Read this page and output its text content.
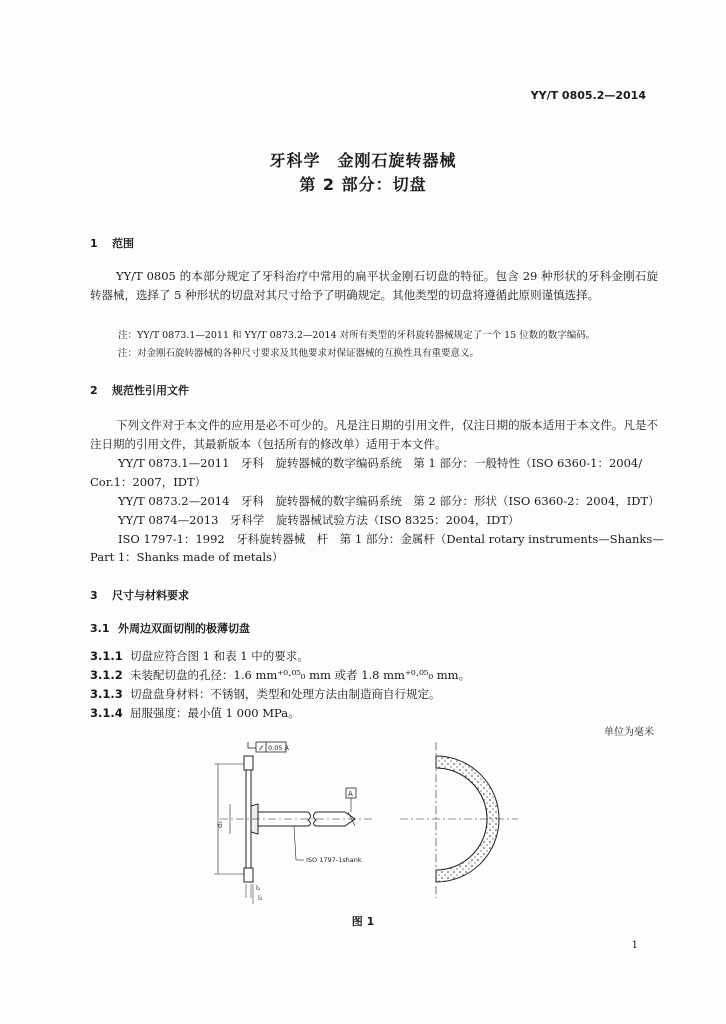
YY/T 0805.2—2014
牙科学　金刚石旋转器械
第 2 部分：切盘
1 范围
YY/T 0805 的本部分规定了牙科治疗中常用的扁平状金刚石切盘的特征。包含 29 种形状的牙科金刚石旋转器械，选择了 5 种形状的切盘对其尺寸给予了明确规定。其他类型的切盘将遵循此原则谨慎选择。
注：YY/T 0873.1—2011 和 YY/T 0873.2—2014 对所有类型的牙科旋转器械规定了一个 15 位数的数字编码。
注：对金刚石旋转器械的各种尺寸要求及其他要求对保证器械的互换性具有重要意义。
2 规范性引用文件
下列文件对于本文件的应用是必不可少的。凡是注日期的引用文件，仅注日期的版本适用于本文件。凡是不注日期的引用文件，其最新版本（包括所有的修改单）适用于本文件。
YY/T 0873.1—2011　牙科　旋转器械的数字编码系统　第 1 部分：一般特性（ISO 6360-1：2004/
Cor.1：2007，IDT）
YY/T 0873.2—2014　牙科　旋转器械的数字编码系统　第 2 部分：形状（ISO 6360-2：2004，IDT）
YY/T 0874—2013　牙科学　旋转器械试验方法（ISO 8325：2004，IDT）
ISO 1797-1：1992　牙科旋转器械　杆　第 1 部分：金属杆（Dental rotary instruments—Shanks—
Part 1：Shanks made of metals）
3 尺寸与材料要求
3.1 外周边双面切削的极薄切盘
3.1.1 切盘应符合图 1 和表 1 中的要求。
3.1.2 未装配切盘的孔径：1.6 mm⁺⁰·⁰⁵₀ mm 或者 1.8 mm⁺⁰·⁰⁵₀ mm。
3.1.3 切盘盘身材料：不锈钢，类型和处理方法由制造商自行规定。
3.1.4 屈服强度：最小值 1 000 MPa。
单位为毫米
⁄⁄ 0.05 A
A
d₃
ISO 1797-1shank
l₁
l₂
图 1
1
